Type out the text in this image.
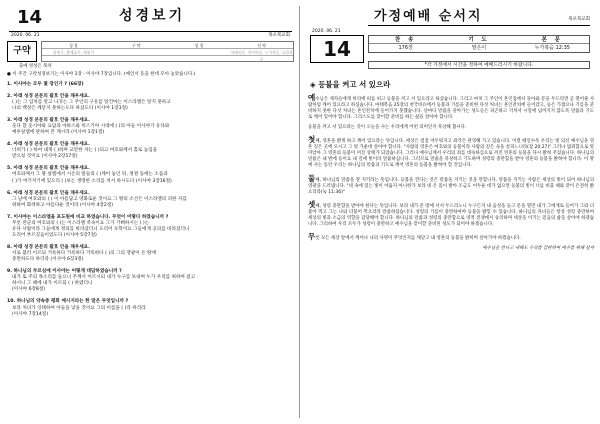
14	성경보기
2020. 06. 21	목포북교회
구약
성 경	구 약	성 경	신 약
창세기, 출애굽기, 레위기	마태복음, 마가복음, 누가복음, 요한복음
출애 빙성은 목차
● 이 주간 구약성경보기는 이사야 1장 - 이사야 7장입니다. (예언서 등을 한데 모아 놓았습니다.)

1. 이사야는 모두 몇 장인가 ? (66장)

2. 아래 성경 본문의 괄호 안을 채우세요.

( )는 그 입처를 알고 나귀는 그 주인의 구유를 알건마는 이스라엘은 알지 못하고

나의 백성은 깨닫지 못하는도다 하셨도다 (이사야 1장3절)

3. 아래 성경 본문의 괄호 안을 채우세요.

웃다 할 웃시야와 요담과 아하스와 히스기야 시대에 ( )의 아들 이사야가 유다와

예루살렘에 관하여 본 계시라 (이사야 1장1절)

4. 아래 성경 본문의 괄호 안을 채우세요.

너희가 ( ) 하여 내게 ( )하며 교만한 자는 ( )되고 여호와께서 홀로 높임을

받으실 것이요 (이사야 2장17절)

5. 아래 성경 본문의 괄호 안을 채우세요.

여호와께서 그 땅 살렘에서 시온의 딸들의 ( )께어 놓인 뒤, 정결 등에는 소돔과

( )가 여기저기에 있으리 ( )보는 생명한 소리를 쳐서 하시도다 (이사야 3장16절)

6. 아래 성경 본문의 괄호 안을 채우세요.

그 날에 여호와의 ( ) 이 아름답고 영화로운 것이요 그 땅의 소산은 이스라엘의 피한 자를

위하여 화려하고 아름다운 것이라 (이사야 4장2절)

7. 이사야는 이스라엘을 포도원에 비교 하였습니다. 무엇이 어떻다 하였습니까 ?

무릇 만군의 여호와의 ( )는 이스라엘 족속이요 그가 기뻐하시는 ( )는

유다 사람이라 그들에게 정의를 바라셨더니 도리어 포학이요 그들에게 공의를 바라셨더니

도리어 부르짖음이었도다 (이사야 5장7절)

8. 아래 성경 본문의 괄호 안을 채우세요.

서로 불러 이르되 거룩하다 거룩하다 거룩하다 ( )의 그의 영광이 온 땅에

충만하도다 하더라 (이사야 6장3절)

9. 하나님의 부르심에 이사야는 어떻게 대답하였습니까 ?

내가 또 주의 목소리를 들으니 주께서 이르시되 내가 누구를 보내며 누가 우리를 위하여 갈고

하시니 그 때에 내가 이르되 ( ) 하였더니

(이사야 6장8절)

10. 하나님의 약속중 평화 메시지라는 한 말은 무엇입니까 ?

보라 처녀가 잉태하여 아들을 낳을 것이요 그의 이름을 ( )라 하리라

(이사야 7장14절)

가정예배 순서지	목포북교회
2020. 06. 21
14	찬 송	기 도	본 문
176장	말은이	누가복음 12:35
*각 가정에서 시간을 정하여 예배드리시기 바랍니다.
◈ 등불을 켜고 서 있으라

예수님은 제자들에게 허리에 띠를 띠고 등불을 켜고 서 있으라고 하셨습니다. 그리고 마치 그 주인이 혼인집에서 돌아와 문을 두드리면 곧 열어줄 사람처럼 깨어 있으라고 하셨습니다. 마태복음 25장의 천국비유에서 등불과 기름을 준비한 다섯 처녀는 혼인잔치에 들어갔고, 등은 가졌으나 기름을 준비하지 못한 다섯 처녀는 혼인잔치에 들어가지 못했습니다. 날마다 말씀을 살아가는 성도들은 피곤하고 지쳐서 시험에 넘어지지 않도록 말씀과 기도로 깨어 있어야 합니다. 그리스도를 맞이할 준비를 하는 삶을 살아야 합니다.

등불을 켜고 서 있으라는 것이 오늘을 사는 우리에게 어떤 의미인지 묵상해 봅시다.

첫째, 영혼을 밝게 하고 깨어 있으라는 뜻입니다. 세상은 점점 어두워지고 죄악은 관영해 가고 있습니다. 이럴 때일수록 우리는 빛 되신 예수님을 영혼 깊은 곳에 모시고 그 빛 가운데 살아야 합니다. "사람의 영혼은 여호와의 등불이라 사람의 깊은 속을 살피느니라(잠 20:27)" 그러나 범죄함으로 말미암아 그 영혼의 등불이 꺼진 상태가 되었습니다. 그러나 예수님께서 우리의 죄를 대속하심으로 꺼진 영혼의 등불을 다시 밝혀 주셨습니다. 하나님의 말씀은 내 발에 등이요 내 길에 빛이라 말씀하십니다. 그러므로 말씀을 묵상하고 기도하며 성령의 충만함을 받아 영혼의 등불을 밝혀야 합니다. 이 땅에 사는 동안 우리는 하나님의 말씀과 기도로 깨어 영혼의 등불을 밝혀야 할 것입니다.

둘째, 하나님의 말씀을 잘 지키라는 뜻입니다. 등불을 켠다는 것은 말씀을 지키는 것을 말합니다. 말씀을 지키는 사람은 세상의 빛이 되어 하나님의 영광을 드러냅니다. "네 속에 있는 빛이 어둡지 아니한가 보라 네 온 몸이 밝아 조금도 어두운 데가 없으면 등불의 빛이 너를 비출 때와 같이 온전히 밝으리라(눅 11:36)"

셋째, 성령 충만함을 받아야 한다는 뜻입니다. 보라 내가 문 밖에 서서 두드리노니 누구든지 내 음성을 듣고 문을 열면 내가 그에게로 들어가 그와 더불어 먹고 그는 나와 더불어 먹으리라 말씀하셨습니다. 성령의 기름이 충만하여야 등불을 밝힐 수 있습니다. 하나님의 자녀들은 항상 성령 충만하여 세상의 빛과 소금의 역할을 감당해야 합니다. 하나님의 말씀과 성령의 충만함으로 영적 전쟁에서 승리하며 세상을 이기는 믿음의 삶을 살아야 하겠습니다. 그리하여 우리 모두가 성령이 충만하고 예수님을 맞이할 준비된 성도가 되어야 하겠습니다.

무릇 모든 세상 앞에서 깨어나 나의 사명이 무엇인지를 깨닫고 내 영혼의 등불을 밝히며 살아가야 하겠습니다.

예수님을 만나고 새해도 우리를 감탄하며 예수를 위해 살자
